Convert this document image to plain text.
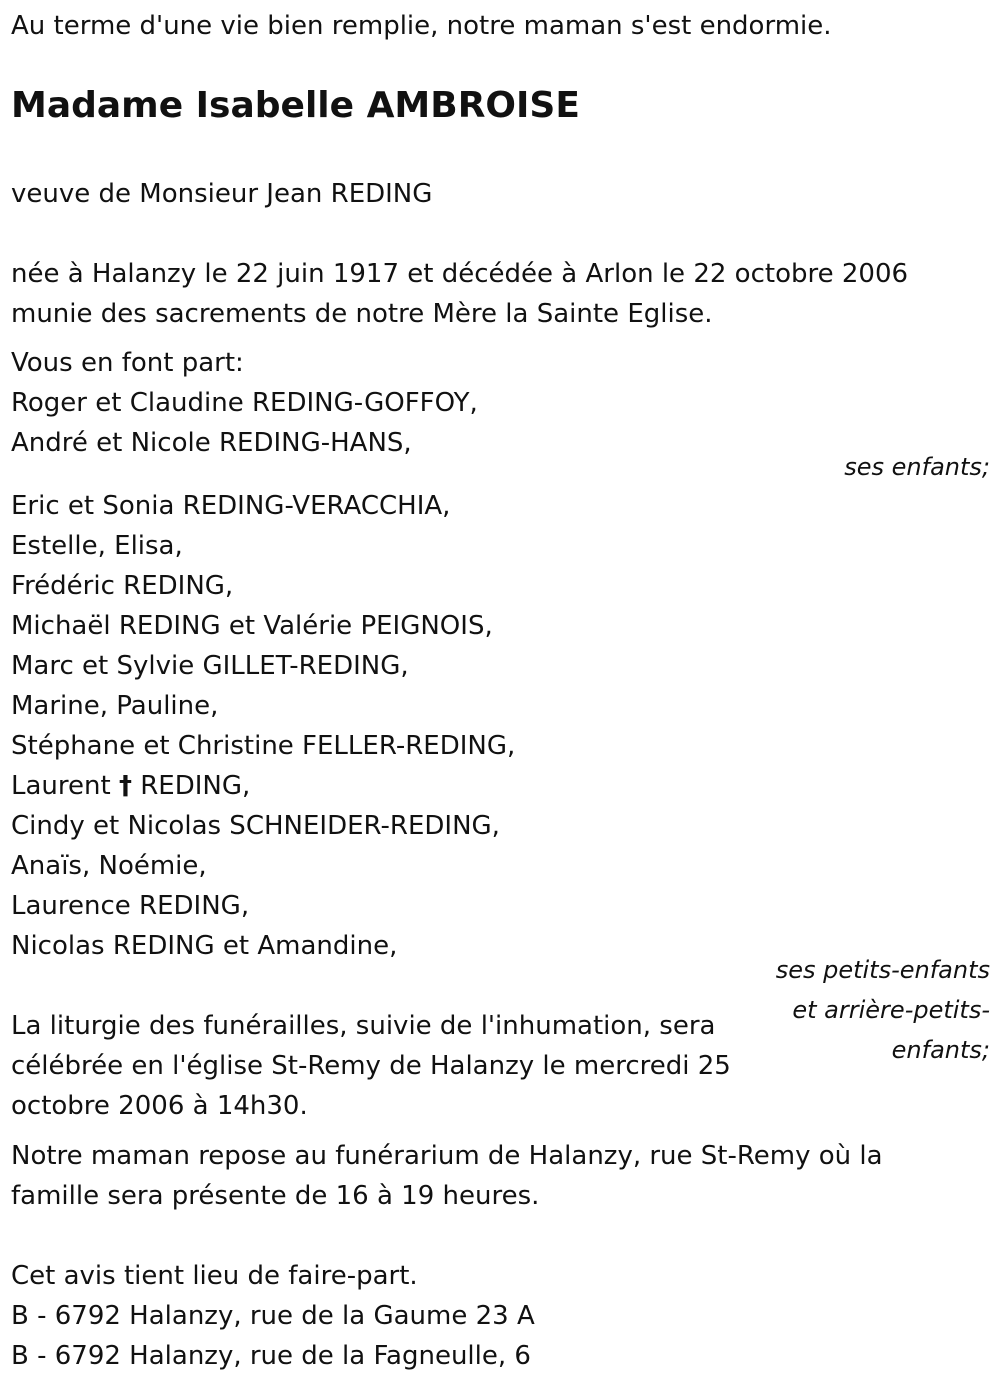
Au terme d'une vie bien remplie, notre maman s'est endormie.

Madame Isabelle AMBROISE

veuve de Monsieur Jean REDING

née à Halanzy le 22 juin 1917 et décédée à Arlon le 22 octobre 2006

munie des sacrements de notre Mère la Sainte Eglise.

Vous en font part:

Roger et Claudine REDING-GOFFOY,

André et Nicole REDING-HANS,

ses enfants;

Eric et Sonia REDING-VERACCHIA,

Estelle, Elisa,

Frédéric REDING,

Michaël REDING et Valérie PEIGNOIS,

Marc et Sylvie GILLET-REDING,

Marine, Pauline,

Stéphane et Christine FELLER-REDING,

Laurent † REDING,

Cindy et Nicolas SCHNEIDER-REDING,

Anaïs, Noémie,

Laurence REDING,

Nicolas REDING et Amandine,

ses petits-enfants
et arrière-petits-
enfants;

La liturgie des funérailles, suivie de l'inhumation, sera

célébrée en l'église St-Remy de Halanzy le mercredi 25

octobre 2006 à 14h30.

Notre maman repose au funérarium de Halanzy, rue St-Remy où la

famille sera présente de 16 à 19 heures.

Cet avis tient lieu de faire-part.

B - 6792 Halanzy, rue de la Gaume 23 A

B - 6792 Halanzy, rue de la Fagneulle, 6
